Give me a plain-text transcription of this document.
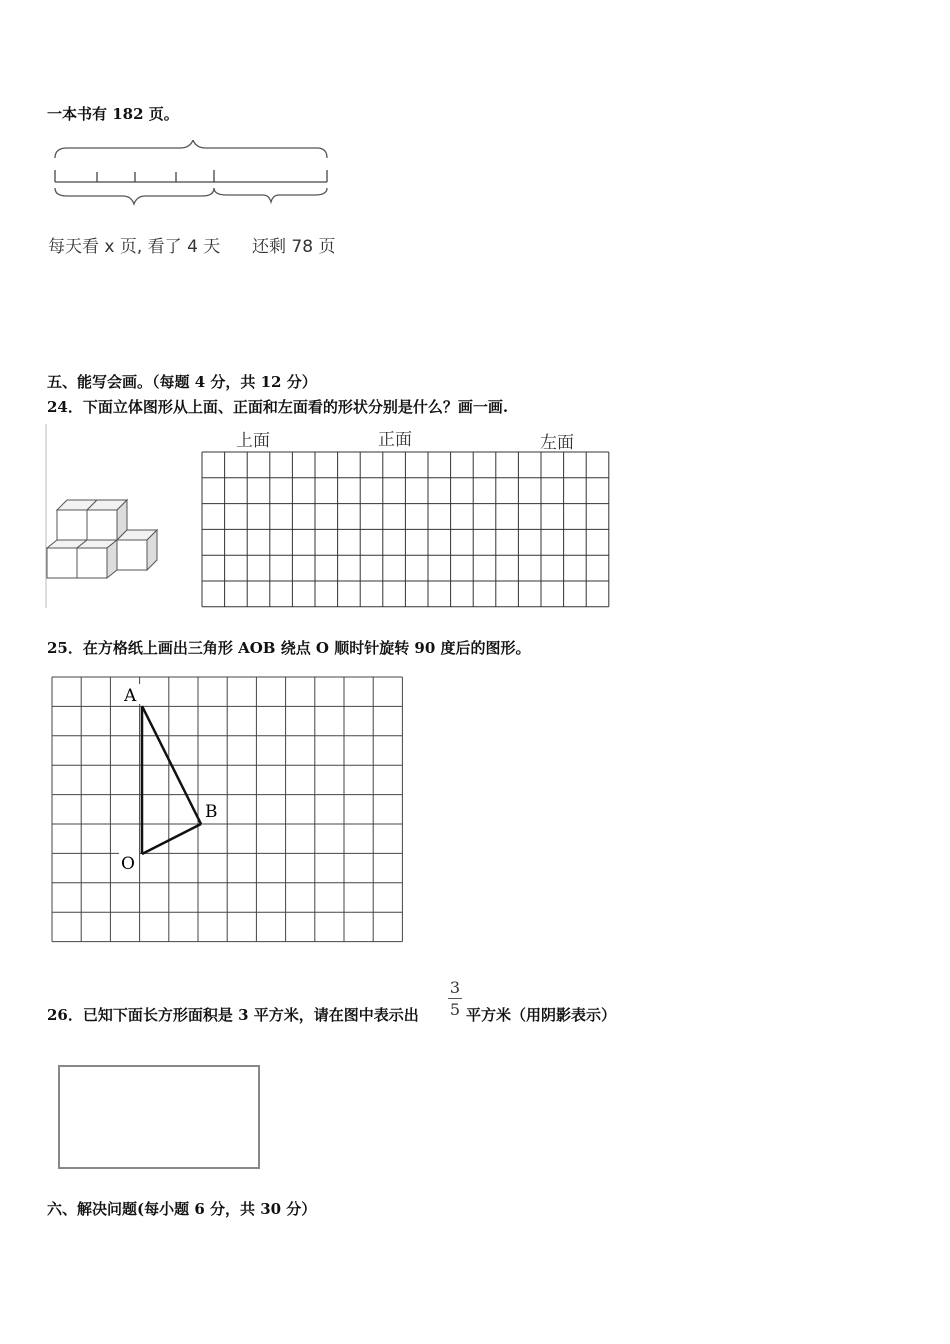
一本书有 182 页。
每天看 x 页, 看了 4 天 还剩 78 页
五、能写会画。（每题 4 分，共 12 分）
24．下面立体图形从上面、正面和左面看的形状分别是什么？画一画.
上面	正面	左面
25．在方格纸上画出三角形 AOB 绕点 O 顺时针旋转 90 度后的图形。
A
B
O
26．已知下面长方形面积是 3 平方米，请在图中表示出
3
5 平方米（用阴影表示）
六、解决问题(每小题 6 分，共 30 分）
